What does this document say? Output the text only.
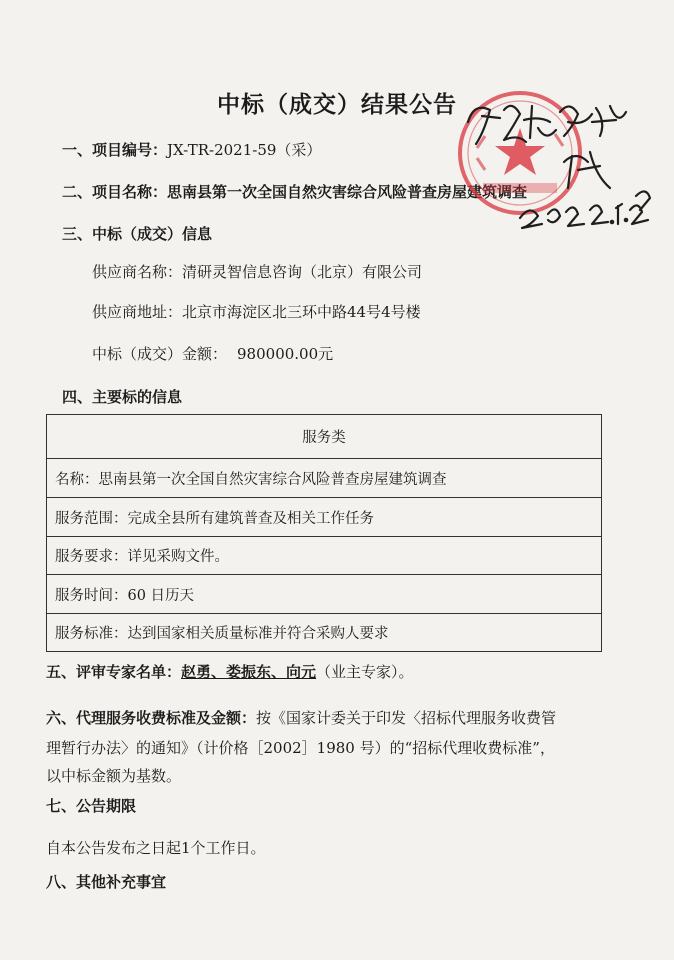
中标（成交）结果公告
一、项目编号：JX-TR-2021-59（采）
二、项目名称：思南县第一次全国自然灾害综合风险普查房屋建筑调查
三、中标（成交）信息
供应商名称：清研灵智信息咨询（北京）有限公司
供应商地址：北京市海淀区北三环中路44号4号楼
中标（成交）金额： 980000.00元
四、主要标的信息
服务类
名称： 思南县第一次全国自然灾害综合风险普查房屋建筑调查
服务范围： 完成全县所有建筑普查及相关工作任务
服务要求： 详见采购文件。
服务时间： 60 日历天
服务标准： 达到国家相关质量标准并符合采购人要求
五、评审专家名单：赵勇、娄振东、向元（业主专家）。
六、代理服务收费标准及金额：按《国家计委关于印发〈招标代理服务收费管
理暂行办法〉的通知》（计价格［2002］1980 号）的“招标代理收费标准”，
以中标金额为基数。
七、公告期限
自本公告发布之日起1个工作日。
八、其他补充事宜
2022.2.22
